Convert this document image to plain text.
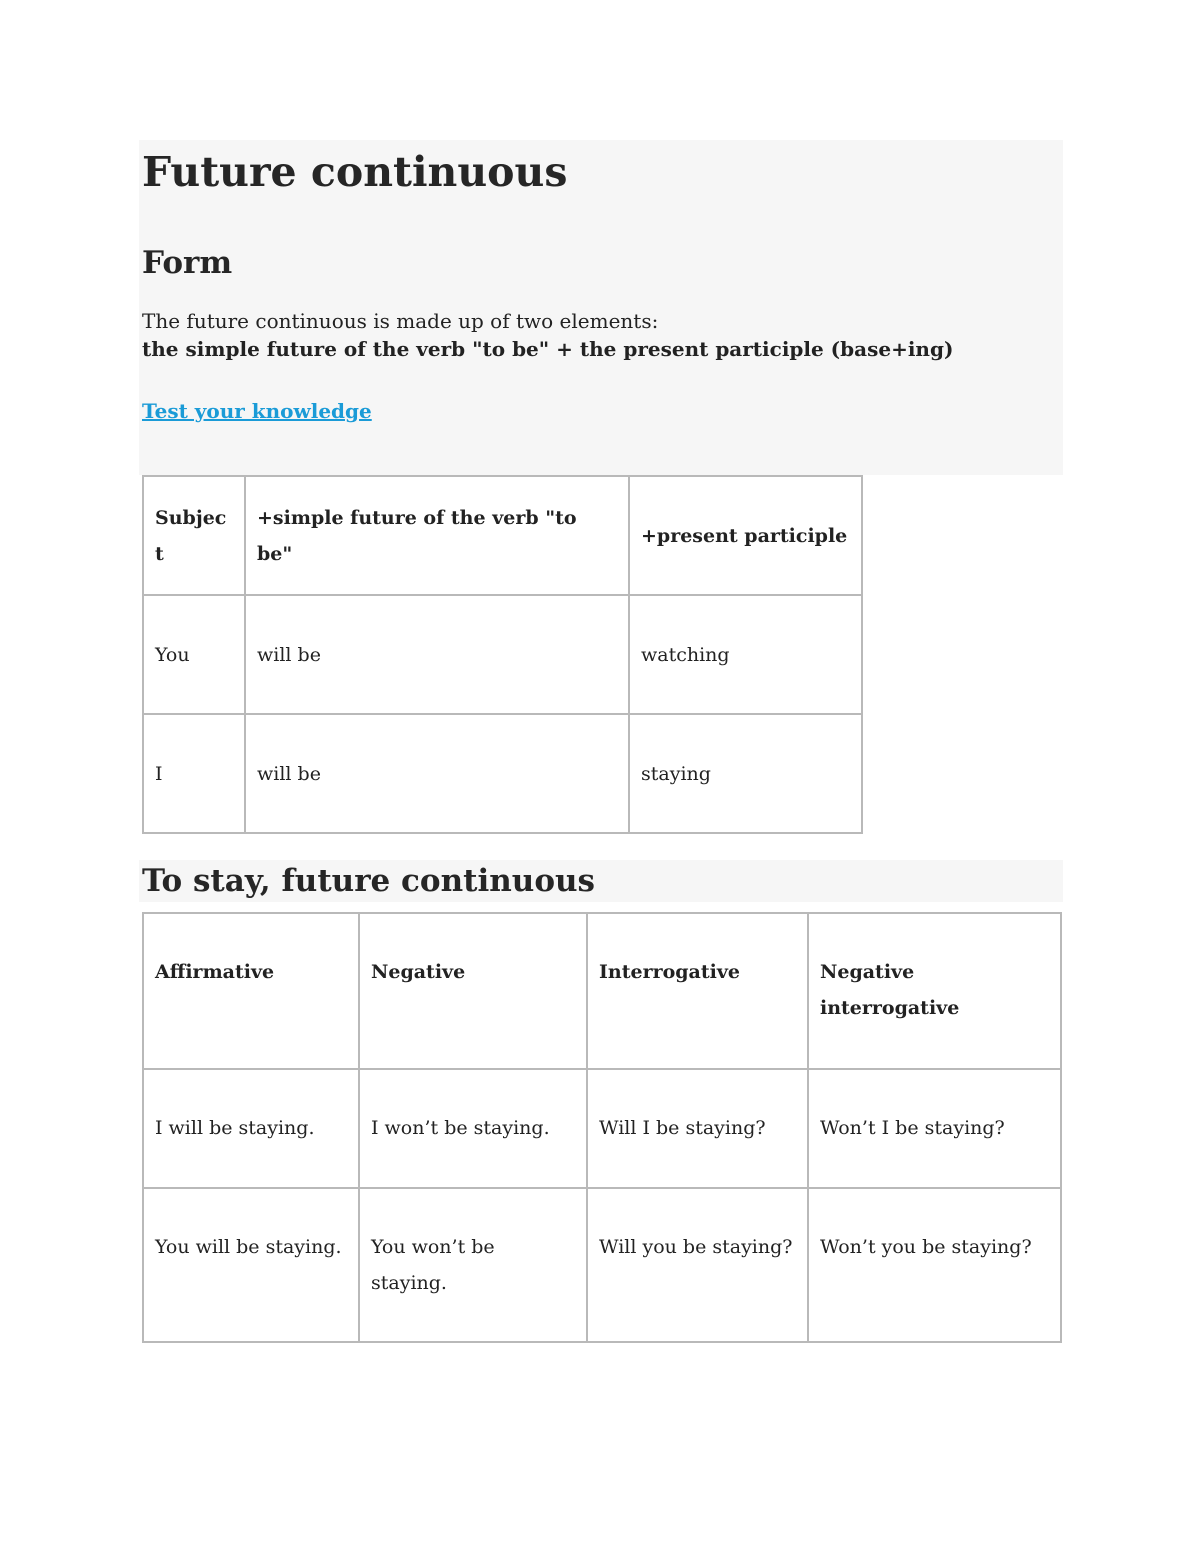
Future continuous
Form

The future continuous is made up of two elements:

the simple future of the verb "to be" + the present participle (base+ing)

Test your knowledge
Subject	+simple future of the verb "to be"	+present participle
You	will be	watching
I	will be	staying
To stay, future continuous
Affirmative	Negative	Interrogative	Negative interrogative
I will be staying.	I won’t be staying.	Will I be staying?	Won’t I be staying?
You will be staying.	You won’t be staying.	Will you be staying?	Won’t you be staying?
